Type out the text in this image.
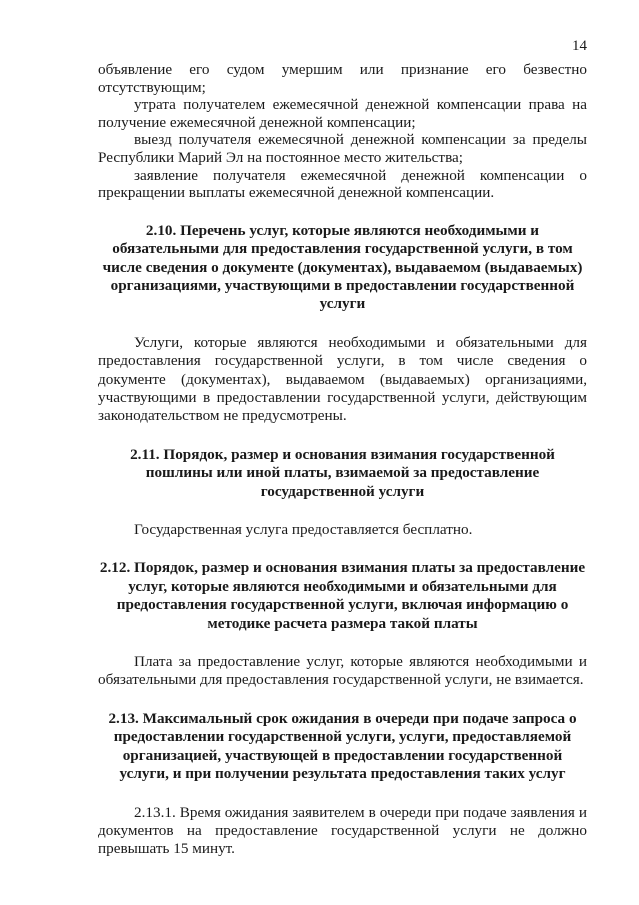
14

объявление его судом умершим или признание его безвестно отсутствующим;

утрата получателем ежемесячной денежной компенсации права на получение ежемесячной денежной компенсации;

выезд получателя ежемесячной денежной компенсации за пределы Республики Марий Эл на постоянное место жительства;

заявление получателя ежемесячной денежной компенсации о прекращении выплаты ежемесячной денежной компенсации.

2.10. Перечень услуг, которые являются необходимыми и обязательными для предоставления государственной услуги, в том числе сведения о документе (документах), выдаваемом (выдаваемых) организациями, участвующими в предоставлении государственной услуги

Услуги, которые являются необходимыми и обязательными для предоставления государственной услуги, в том числе сведения о документе (документах), выдаваемом (выдаваемых) организациями, участвующими в предоставлении государственной услуги, действующим законодательством не предусмотрены.

2.11. Порядок, размер и основания взимания государственной пошлины или иной платы, взимаемой за предоставление государственной услуги

Государственная услуга предоставляется бесплатно.

2.12. Порядок, размер и основания взимания платы за предоставление услуг, которые являются необходимыми и обязательными для предоставления государственной услуги, включая информацию о методике расчета размера такой платы

Плата за предоставление услуг, которые являются необходимыми и обязательными для предоставления государственной услуги, не взимается.

2.13. Максимальный срок ожидания в очереди при подаче запроса о предоставлении государственной услуги, услуги, предоставляемой организацией, участвующей в предоставлении государственной услуги, и при получении результата предоставления таких услуг

2.13.1. Время ожидания заявителем в очереди при подаче заявления и документов на предоставление государственной услуги не должно превышать 15 минут.
